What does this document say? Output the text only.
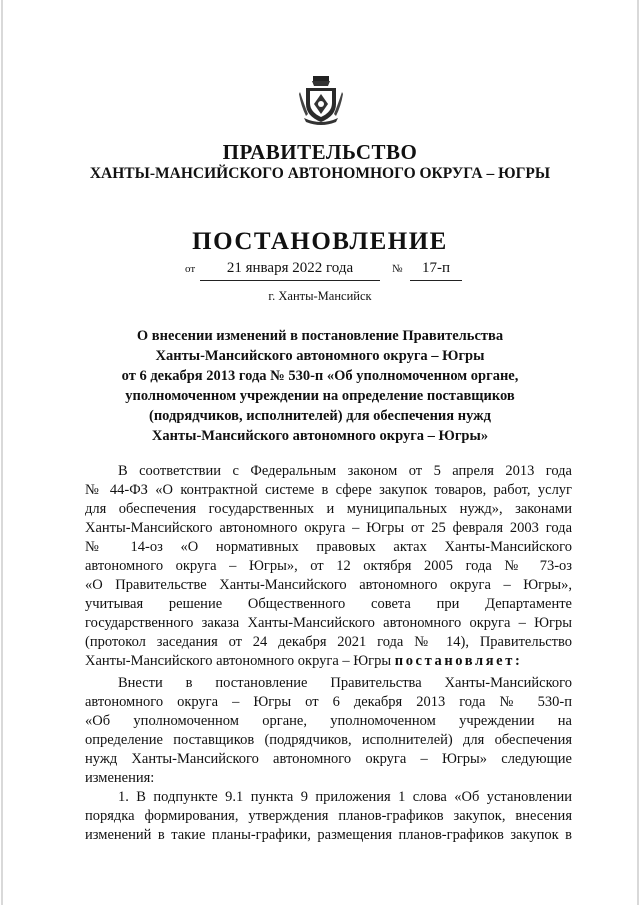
ПРАВИТЕЛЬСТВО
ХАНТЫ-МАНСИЙСКОГО АВТОНОМНОГО ОКРУГА – ЮГРЫ
ПОСТАНОВЛЕНИЕ
от	21 января 2022 года	№	17-п
г. Ханты-Мансийск
О внесении изменений в постановление Правительства
Ханты-Мансийского автономного округа – Югры
от 6 декабря 2013 года № 530-п «Об уполномоченном органе,
уполномоченном учреждении на определение поставщиков
(подрядчиков, исполнителей) для обеспечения нужд
Ханты-Мансийского автономного округа – Югры»
В соответствии с Федеральным законом от 5 апреля 2013 года
№ 44-ФЗ «О контрактной системе в сфере закупок товаров, работ, услуг
для обеспечения государственных и муниципальных нужд», законами
Ханты-Мансийского автономного округа – Югры от 25 февраля 2003 года
№ 14-оз «О нормативных правовых актах Ханты-Мансийского
автономного округа – Югры», от 12 октября 2005 года № 73-оз
«О Правительстве Ханты-Мансийского автономного округа – Югры»,
учитывая решение Общественного совета при Департаменте
государственного заказа Ханты-Мансийского автономного округа – Югры
(протокол заседания от 24 декабря 2021 года № 14), Правительство
Ханты-Мансийского автономного округа – Югры постановляет:
Внести в постановление Правительства Ханты-Мансийского
автономного округа – Югры от 6 декабря 2013 года № 530-п
«Об уполномоченном органе, уполномоченном учреждении на
определение поставщиков (подрядчиков, исполнителей) для обеспечения
нужд Ханты-Мансийского автономного округа – Югры» следующие
изменения:
1. В подпункте 9.1 пункта 9 приложения 1 слова «Об установлении
порядка формирования, утверждения планов-графиков закупок, внесения
изменений в такие планы-графики, размещения планов-графиков закупок в
